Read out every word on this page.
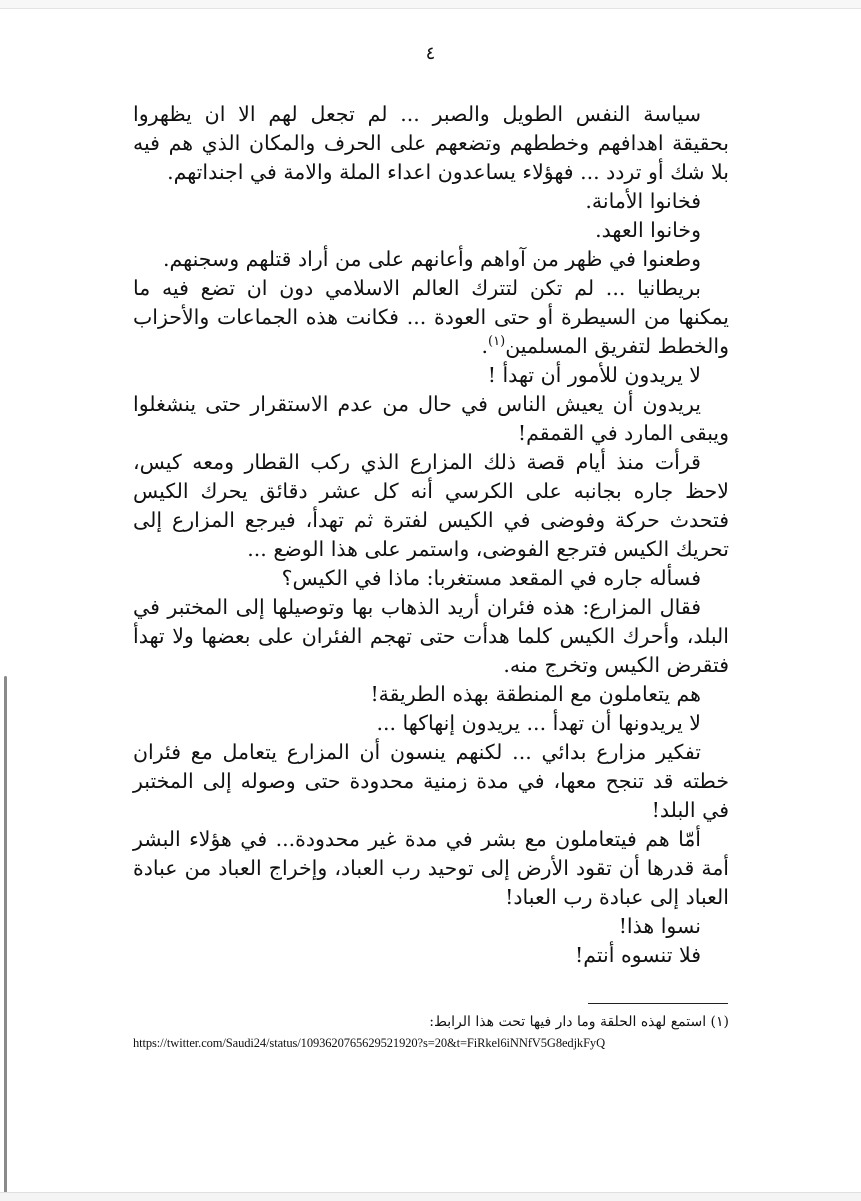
٤

سياسة النفس الطويل والصبر ... لم تجعل لهم الا ان يظهروا بحقيقة اهدافهم وخططهم وتضعهم على الحرف والمكان الذي هم فيه بلا شك أو تردد ... فهؤلاء يساعدون اعداء الملة والامة في اجنداتهم.

فخانوا الأمانة.

وخانوا العهد.

وطعنوا في ظهر من آواهم وأعانهم على من أراد قتلهم وسجنهم.

بريطانيا ... لم تكن لتترك العالم الاسلامي دون ان تضع فيه ما يمكنها من السيطرة أو حتى العودة ... فكانت هذه الجماعات والأحزاب والخطط لتفريق المسلمين$^{(١)}$.

لا يريدون للأمور أن تهدأ !

يريدون أن يعيش الناس في حال من عدم الاستقرار حتى ينشغلوا ويبقى المارد في القمقم!

قرأت منذ أيام قصة ذلك المزارع الذي ركب القطار ومعه كيس، لاحظ جاره بجانبه على الكرسي أنه كل عشر دقائق يحرك الكيس فتحدث حركة وفوضى في الكيس لفترة ثم تهدأ، فيرجع المزارع إلى تحريك الكيس فترجع الفوضى، واستمر على هذا الوضع ...

فسأله جاره في المقعد مستغربا: ماذا في الكيس؟

فقال المزارع: هذه فئران أريد الذهاب بها وتوصيلها إلى المختبر في البلد، وأحرك الكيس كلما هدأت حتى تهجم الفئران على بعضها ولا تهدأ فتقرض الكيس وتخرج منه.

هم يتعاملون مع المنطقة بهذه الطريقة!

لا يريدونها أن تهدأ ... يريدون إنهاكها ...

تفكير مزارع بدائي ... لكنهم ينسون أن المزارع يتعامل مع فئران خطته قد تنجح معها، في مدة زمنية محدودة حتى وصوله إلى المختبر في البلد!

أمّا هم فيتعاملون مع بشر في مدة غير محدودة... في هؤلاء البشر أمة قدرها أن تقود الأرض إلى توحيد رب العباد، وإخراج العباد من عبادة العباد إلى عبادة رب العباد!

نسوا هذا!

فلا تنسوه أنتم!

(١) استمع لهذه الحلقة وما دار فيها تحت هذا الرابط:
https://twitter.com/Saudi24/status/1093620765629521920?s=20&t=FiRkel6iNNfV5G8edjkFyQ
